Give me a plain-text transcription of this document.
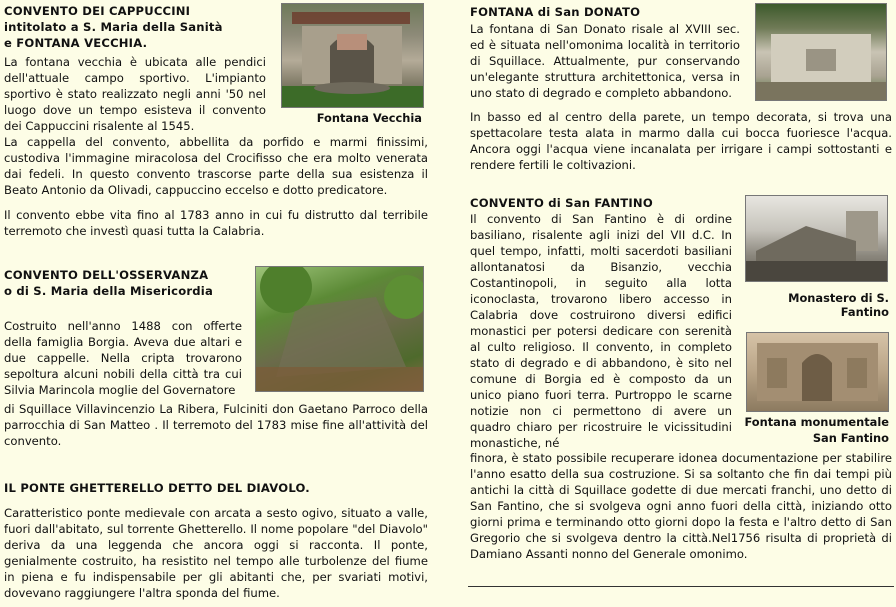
CONVENTO DEI CAPPUCCINI
intitolato a S. Maria della Sanità
e FONTANA VECCHIA.
La fontana vecchia è ubicata alle pendici dell'attuale campo sportivo. L'impianto sportivo è stato realizzato negli anni '50 nel luogo dove un tempo esisteva il convento dei Cappuccini risalente al 1545.
Fontana Vecchia
La cappella del convento, abbellita da porfido e marmi finissimi, custodiva l'immagine miracolosa del Crocifisso che era molto venerata dai fedeli. In questo convento trascorse parte della sua esistenza il Beato Antonio da Olivadi, cappuccino eccelso e dotto predicatore.
Il convento ebbe vita fino al 1783 anno in cui fu distrutto dal terribile terremoto che investì quasi tutta la Calabria.
CONVENTO DELL'OSSERVANZA
o di S. Maria della Misericordia
Costruito nell'anno 1488 con offerte della famiglia Borgia. Aveva due altari e due cappelle. Nella cripta trovarono sepoltura alcuni nobili della città tra cui Silvia Marincola moglie del Governatore
di Squillace Villavincenzio La Ribera, Fulciniti don Gaetano Parroco della parrocchia di San Matteo . Il terremoto del 1783 mise fine all'attività del convento.
IL PONTE GHETTERELLO DETTO DEL DIAVOLO.
Caratteristico ponte medievale con arcata a sesto ogivo, situato a valle, fuori dall'abitato, sul torrente Ghetterello. Il nome popolare "del Diavolo" deriva da una leggenda che ancora oggi si racconta. Il ponte, genialmente costruito, ha resistito nel tempo alle turbolenze del fiume in piena e fu indispensabile per gli abitanti che, per svariati motivi, dovevano raggiungere l'altra sponda del fiume.
FONTANA di San DONATO
La fontana di San Donato risale al XVIII sec. ed è situata nell'omonima località in territorio di Squillace. Attualmente, pur conservando un'elegante struttura architettonica, versa in uno stato di degrado e completo abbandono.
In basso ed al centro della parete, un tempo decorata, si trova una spettacolare testa alata in marmo dalla cui bocca fuoriesce l'acqua. Ancora oggi l'acqua viene incanalata per irrigare i campi sottostanti e rendere fertili le coltivazioni.
CONVENTO di San FANTINO
Il convento di San Fantino è di ordine basiliano, risalente agli inizi del VII d.C. In quel tempo, infatti, molti sacerdoti basiliani allontanatosi da Bisanzio, vecchia Costantinopoli, in seguito alla lotta iconoclasta, trovarono libero accesso in Calabria dove costruirono diversi edifici monastici per potersi dedicare con serenità al culto religioso. Il convento, in completo stato di degrado e di abbandono, è sito nel comune di Borgia ed è composto da un unico piano fuori terra. Purtroppo le scarne notizie non ci permettono di avere un quadro chiaro per ricostruire le vicissitudini monastiche, né
Monastero di S. Fantino
Fontana monumentale
San Fantino
finora, è stato possibile recuperare idonea documentazione per stabilire l'anno esatto della sua costruzione. Si sa soltanto che fin dai tempi più antichi la città di Squillace godette di due mercati franchi, uno detto di San Fantino, che si svolgeva ogni anno fuori della città, iniziando otto giorni prima e terminando otto giorni dopo la festa e l'altro detto di San Gregorio che si svolgeva dentro la città.Nel1756 risulta di proprietà di Damiano Assanti nonno del Generale omonimo.
